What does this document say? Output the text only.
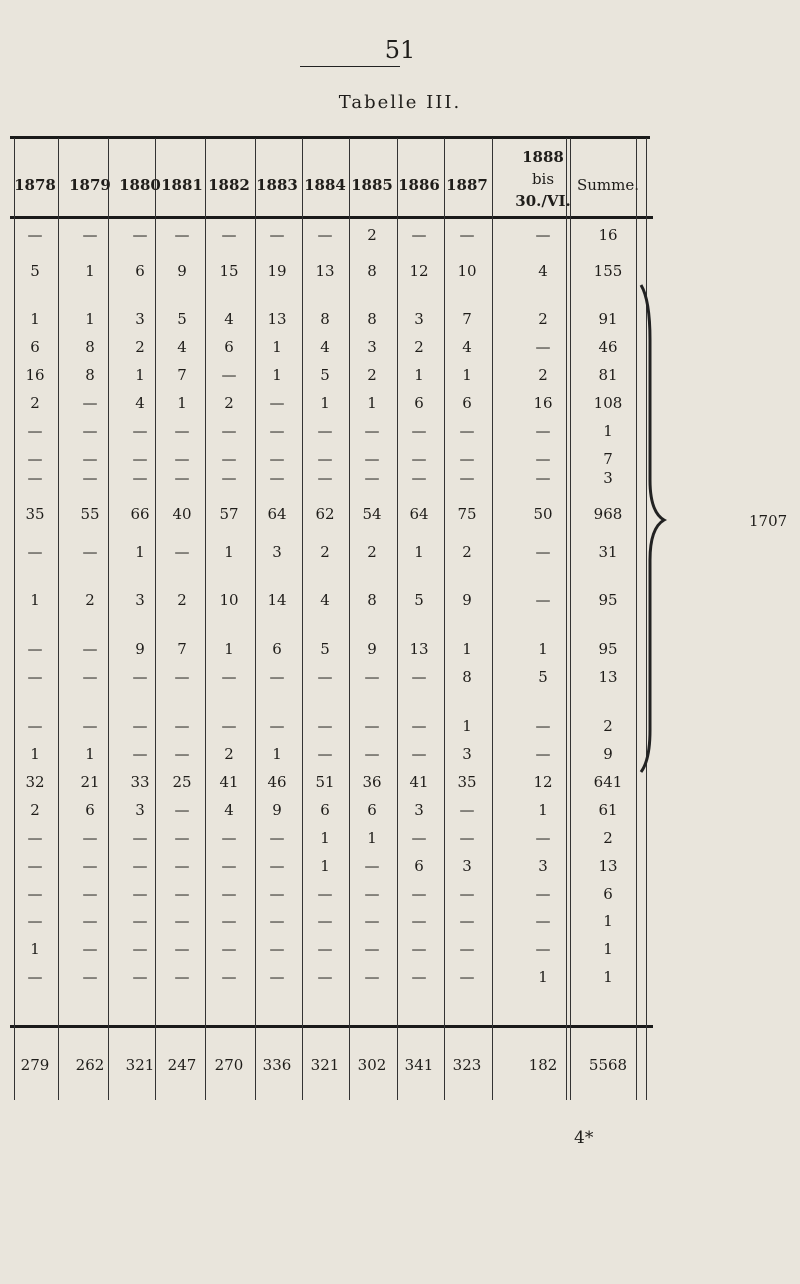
51
Tabelle III.
1878 1879 1880 1881 1882 1883 1884 1885 1886 1887
1888
bis
30./VI.
Summe.
—	—	—	—	—	—	—	2	—	—	—	16
5	1	6	9	15	19	13	8	12	10	4	155
1	1	3	5	4	13	8	8	3	7	2	91
6	8	2	4	6	1	4	3	2	4	—	46
16	8	1	7	—	1	5	2	1	1	2	81
2	—	4	1	2	—	1	1	6	6	16	108
—	—	—	—	—	—	—	—	—	—	—	1
—	—	—	—	—	—	—	—	—	—	—	7
—	—	—	—	—	—	—	—	—	—	—	3
35	55	66	40	57	64	62	54	64	75	50	968
—	—	1	—	1	3	2	2	1	2	—	31
1	2	3	2	10	14	4	8	5	9	—	95
—	—	9	7	1	6	5	9	13	1	1	95
—	—	—	—	—	—	—	—	—	8	5	13
—	—	—	—	—	—	—	—	—	1	—	2
1	1	—	—	2	1	—	—	—	3	—	9
32	21	33	25	41	46	51	36	41	35	12	641
2	6	3	—	4	9	6	6	3	—	1	61
—	—	—	—	—	—	1	1	—	—	—	2
—	—	—	—	—	—	1	—	6	3	3	13
—	—	—	—	—	—	—	—	—	—	—	6
—	—	—	—	—	—	—	—	—	—	—	1
1	—	—	—	—	—	—	—	—	—	—	1
—	—	—	—	—	—	—	—	—	—	1	1
279	262	321 247	270	336	321	302	341	323	182	5568
1707
4*
